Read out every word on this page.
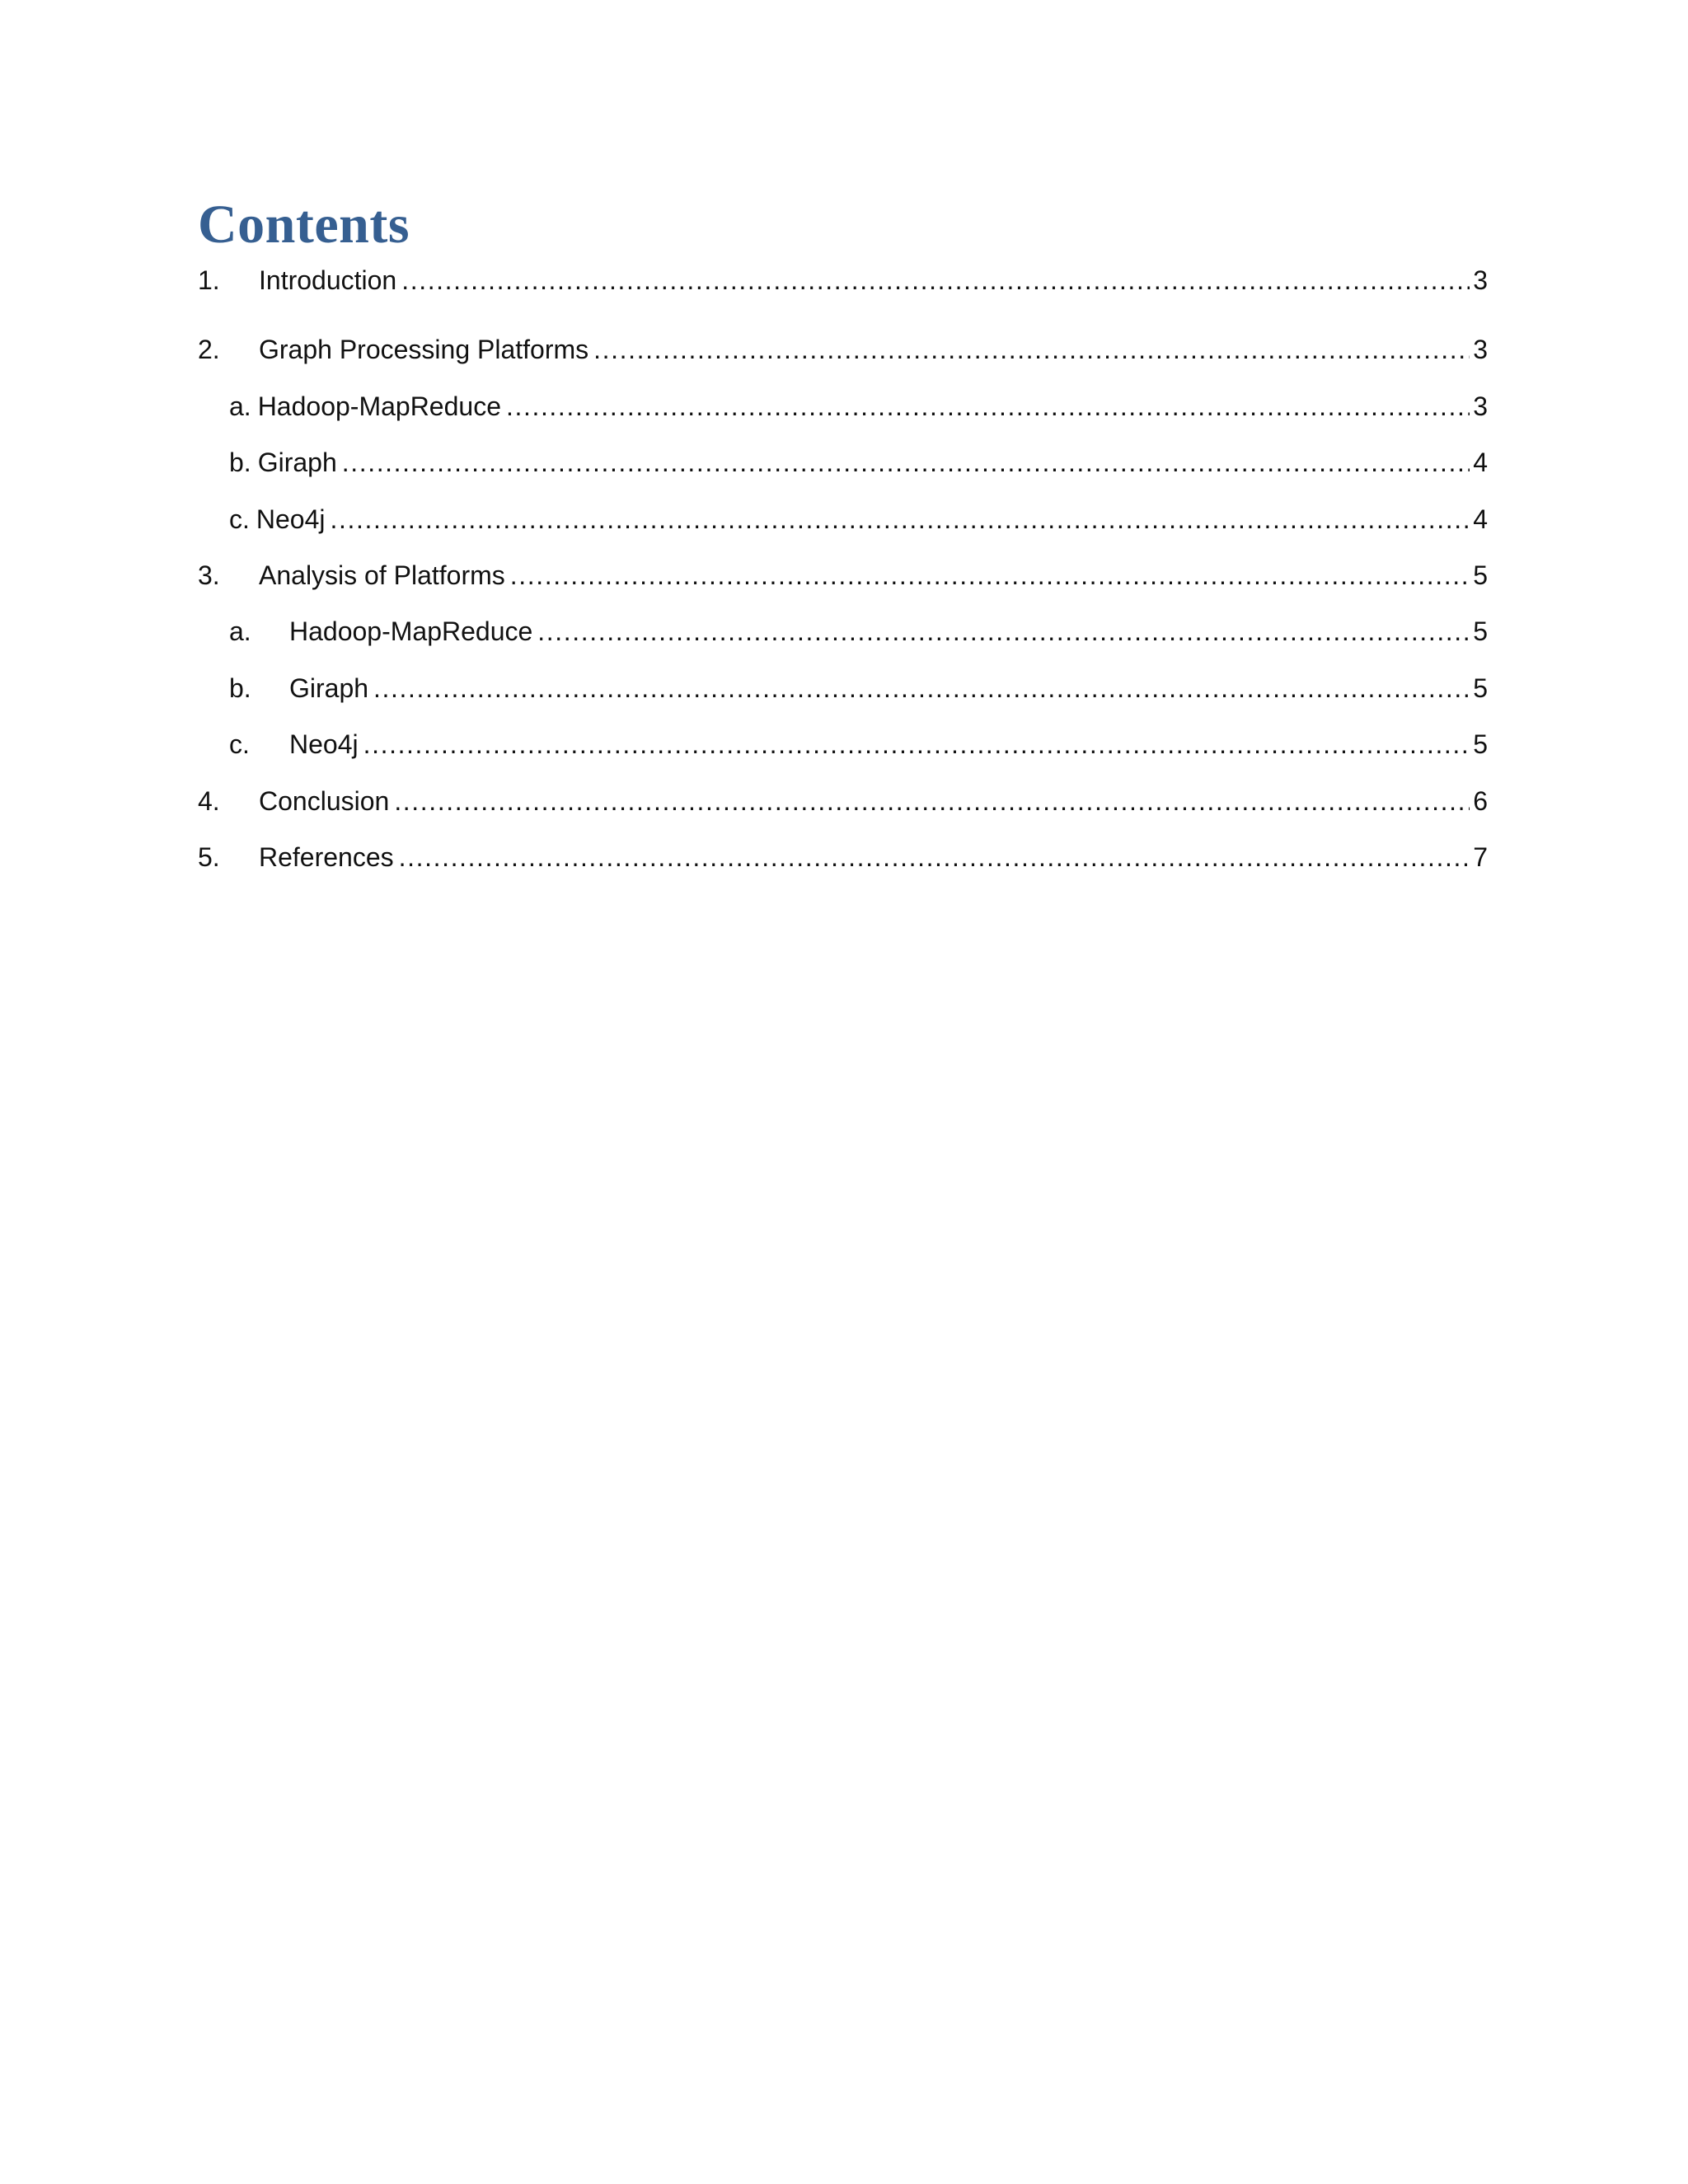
Contents
1.	Introduction .....	3
2.	Graph Processing Platforms .....	3
a. Hadoop-MapReduce .....	3
b. Giraph .....	4
c. Neo4j .....	4
3.	Analysis of Platforms .....	5
a.	Hadoop-MapReduce .....	5
b.	Giraph .....	5
c.	Neo4j .....	5
4.	Conclusion .....	6
5.	References .....	7
